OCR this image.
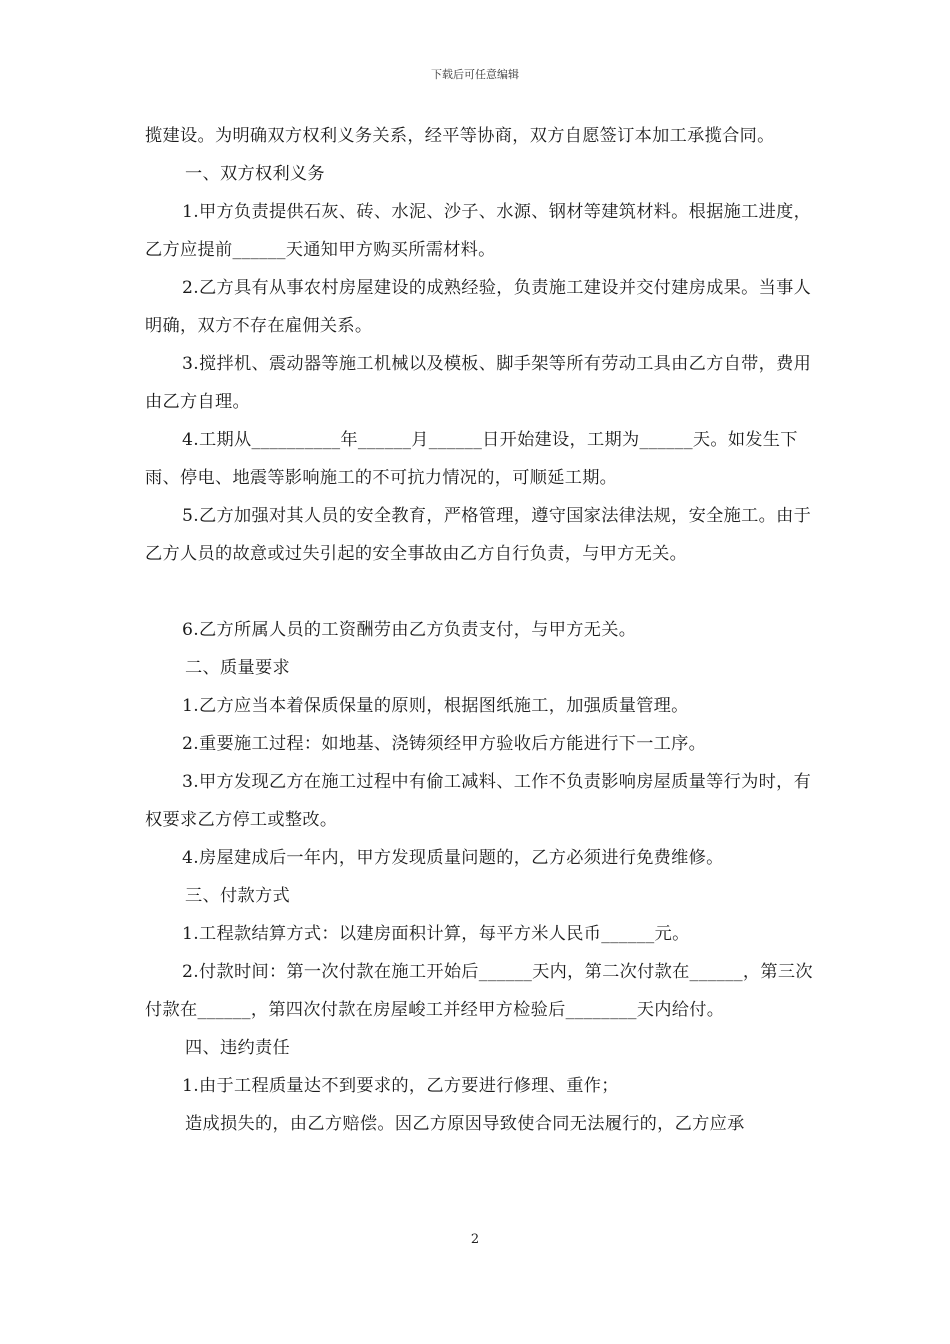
下载后可任意编辑

揽建设。为明确双方权利义务关系，经平等协商，双方自愿签订本加工承揽合同。

一、双方权利义务

1.甲方负责提供石灰、砖、水泥、沙子、水源、钢材等建筑材料。根据施工进度，乙方应提前______天通知甲方购买所需材料。

2.乙方具有从事农村房屋建设的成熟经验，负责施工建设并交付建房成果。当事人明确，双方不存在雇佣关系。

3.搅拌机、震动器等施工机械以及模板、脚手架等所有劳动工具由乙方自带，费用由乙方自理。

4.工期从__________年______月______日开始建设，工期为______天。如发生下雨、停电、地震等影响施工的不可抗力情况的，可顺延工期。

5.乙方加强对其人员的安全教育，严格管理，遵守国家法律法规，安全施工。由于乙方人员的故意或过失引起的安全事故由乙方自行负责，与甲方无关。

6.乙方所属人员的工资酬劳由乙方负责支付，与甲方无关。

二、质量要求

1.乙方应当本着保质保量的原则，根据图纸施工，加强质量管理。

2.重要施工过程：如地基、浇铸须经甲方验收后方能进行下一工序。

3.甲方发现乙方在施工过程中有偷工减料、工作不负责影响房屋质量等行为时，有权要求乙方停工或整改。

4.房屋建成后一年内，甲方发现质量问题的，乙方必须进行免费维修。

三、付款方式

1.工程款结算方式：以建房面积计算，每平方米人民币______元。

2.付款时间：第一次付款在施工开始后______天内，第二次付款在______，第三次付款在______，第四次付款在房屋峻工并经甲方检验后________天内给付。

四、违约责任

1.由于工程质量达不到要求的，乙方要进行修理、重作；

造成损失的，由乙方赔偿。因乙方原因导致使合同无法履行的，乙方应承

2
